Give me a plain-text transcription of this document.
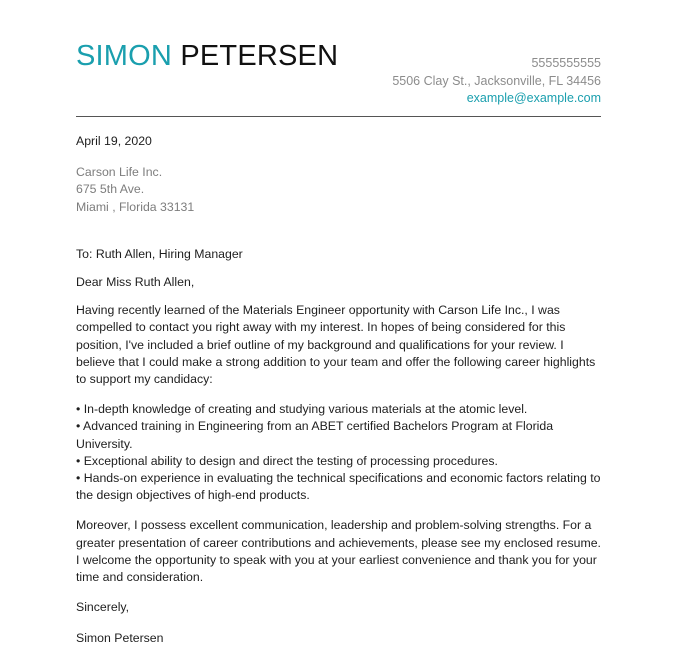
SIMON PETERSEN	5555555555
5506 Clay St., Jacksonville, FL 34456
example@example.com
April 19, 2020
Carson Life Inc.
675 5th Ave.
Miami , Florida 33131
To: Ruth Allen, Hiring Manager
Dear Miss Ruth Allen,

Having recently learned of the Materials Engineer opportunity with Carson Life Inc., I was compelled to contact you right away with my interest. In hopes of being considered for this position, I've included a brief outline of my background and qualifications for your review. I believe that I could make a strong addition to your team and offer the following career highlights to support my candidacy:

• In-depth knowledge of creating and studying various materials at the atomic level.
• Advanced training in Engineering from an ABET certified Bachelors Program at Florida University.
• Exceptional ability to design and direct the testing of processing procedures.
• Hands-on experience in evaluating the technical specifications and economic factors relating to the design objectives of high-end products.

Moreover, I possess excellent communication, leadership and problem-solving strengths. For a greater presentation of career contributions and achievements, please see my enclosed resume. I welcome the opportunity to speak with you at your earliest convenience and thank you for your time and consideration.

Sincerely,
Simon Petersen
